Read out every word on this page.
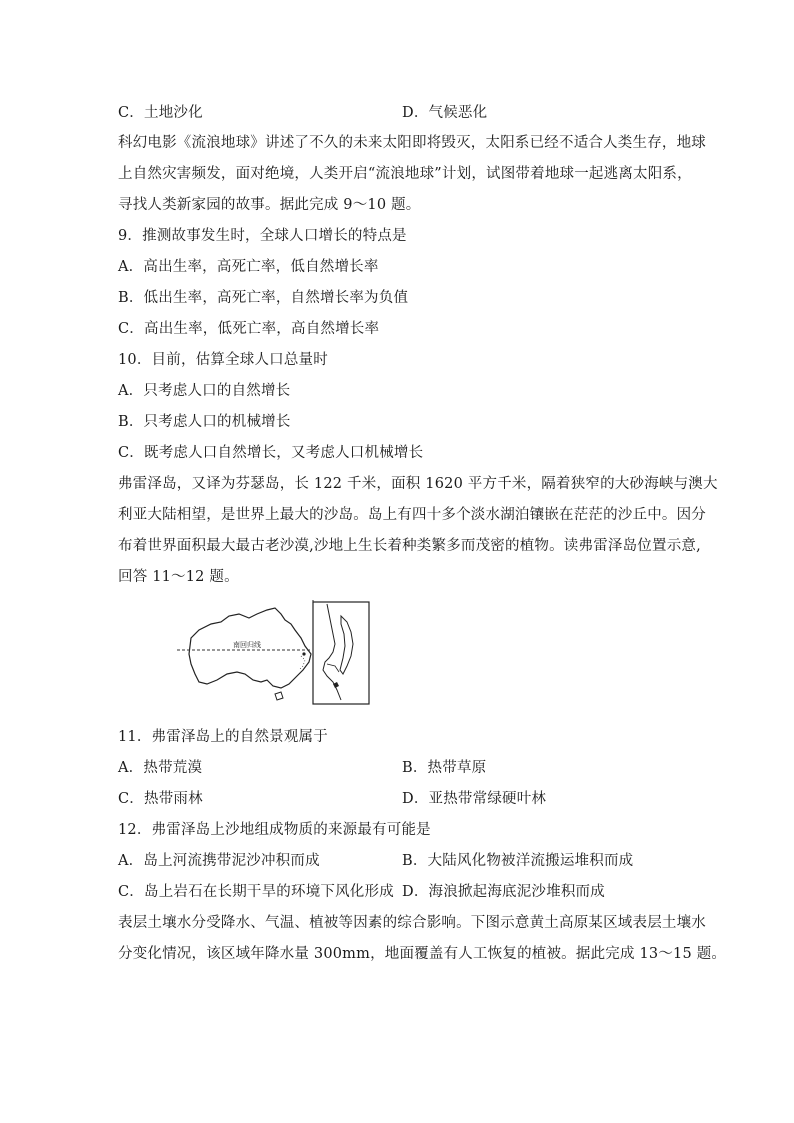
C．土地沙化	D．气候恶化
科幻电影《流浪地球》讲述了不久的未来太阳即将毁灭，太阳系已经不适合人类生存，地球
上自然灾害频发，面对绝境，人类开启“流浪地球”计划，试图带着地球一起逃离太阳系，
寻找人类新家园的故事。据此完成 9～10 题。
9．推测故事发生时，全球人口增长的特点是
A．高出生率，高死亡率，低自然增长率
B．低出生率，高死亡率，自然增长率为负值
C．高出生率，低死亡率，高自然增长率
10．目前，估算全球人口总量时
A．只考虑人口的自然增长
B．只考虑人口的机械增长
C．既考虑人口自然增长，又考虑人口机械增长
弗雷泽岛，又译为芬瑟岛，长 122 千米，面积 1620 平方千米，隔着狭窄的大砂海峡与澳大
利亚大陆相望，是世界上最大的沙岛。岛上有四十多个淡水湖泊镶嵌在茫茫的沙丘中。因分
布着世界面积最大最古老沙漠,沙地上生长着种类繁多而茂密的植物。读弗雷泽岛位置示意,
回答 11～12 题。
南回归线
11．弗雷泽岛上的自然景观属于
A．热带荒漠	B．热带草原
C．热带雨林	D．亚热带常绿硬叶林
12．弗雷泽岛上沙地组成物质的来源最有可能是
A．岛上河流携带泥沙冲积而成	B．大陆风化物被洋流搬运堆积而成
C．岛上岩石在长期干旱的环境下风化形成 D．海浪掀起海底泥沙堆积而成
表层土壤水分受降水、气温、植被等因素的综合影响。下图示意黄土高原某区域表层土壤水
分变化情况，该区域年降水量 300mm，地面覆盖有人工恢复的植被。据此完成 13～15 题。
